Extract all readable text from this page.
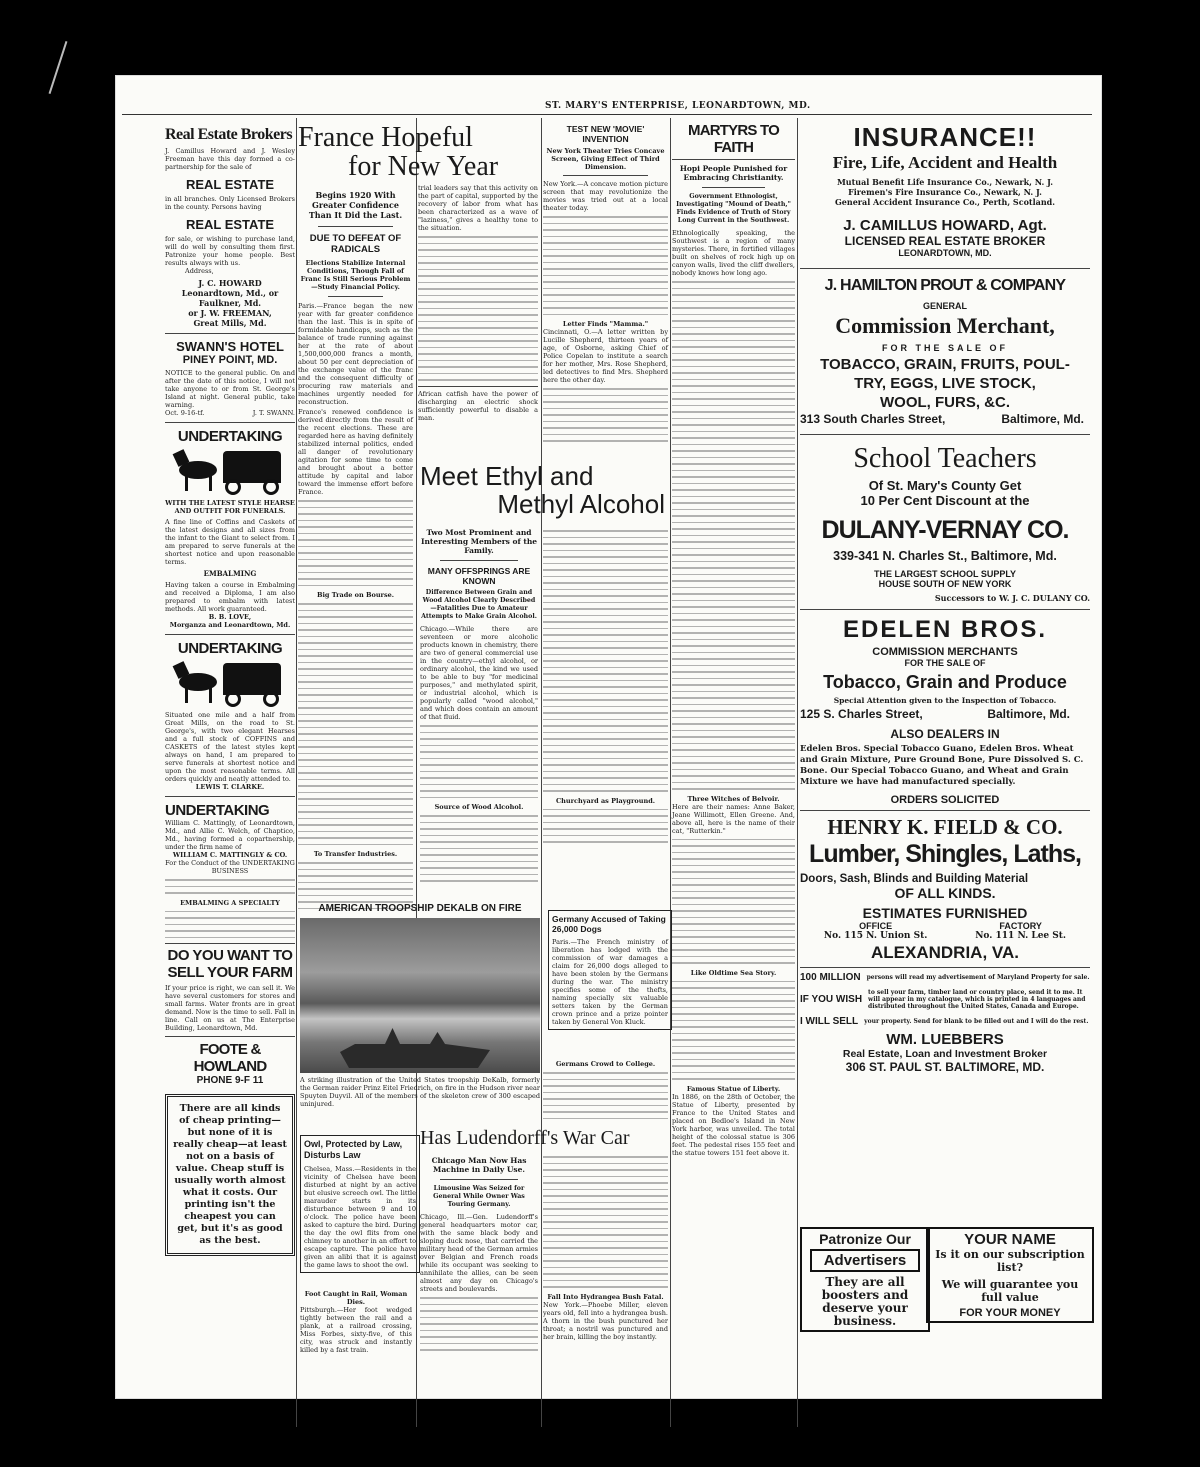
ST. MARY'S ENTERPRISE, LEONARDTOWN, MD.
Real Estate Brokers
J. Camillus Howard and J. Wesley Freeman have this day formed a co-partnership for the sale of
REAL ESTATE
in all branches. Only Licensed Brokers in the county. Persons having
REAL ESTATE
for sale, or wishing to purchase land, will do well by consulting them first. Patronize your home people. Best results always with us.
Address,
J. C. HOWARD
Leonardtown, Md., or Faulkner, Md.
or J. W. FREEMAN,
Great Mills, Md.
SWANN'S HOTEL
PINEY POINT, MD.
NOTICE to the general public. On and after the date of this notice, I will not take anyone to or from St. George's Island at night. General public, take warning.
Oct. 9-16-tf.	J. T. SWANN.
UNDERTAKING
WITH THE LATEST STYLE HEARSE AND OUTFIT FOR FUNERALS.
A fine line of Coffins and Caskets of the latest designs and all sizes from the infant to the Giant to select from. I am prepared to serve funerals at the shortest notice and upon reasonable terms.
EMBALMING
Having taken a course in Embalming and received a Diploma, I am also prepared to embalm with latest methods. All work guaranteed.
B. B. LOVE,
Morganza and Leonardtown, Md.
UNDERTAKING
Situated one mile and a half from Great Mills, on the road to St. George's, with two elegant Hearses and a full stock of COFFINS and CASKETS of the latest styles kept always on hand, I am prepared to serve funerals at shortest notice and upon the most reasonable terms. All orders quickly and neatly attended to.
LEWIS T. CLARKE.
UNDERTAKING
William C. Mattingly, of Leonardtown, Md., and Allie C. Welch, of Chaptico, Md., having formed a copartnership, under the firm name of
WILLIAM C. MATTINGLY & CO.
For the Conduct of the UNDERTAKING BUSINESS
EMBALMING A SPECIALTY
DO YOU WANT TO
SELL YOUR FARM
If your price is right, we can sell it. We have several customers for stores and small farms. Water fronts are in great demand. Now is the time to sell. Fall in line. Call on us at The Enterprise Building, Leonardtown, Md.
FOOTE & HOWLAND
PHONE 9-F 11
There are all kinds of cheap printing— but none of it is really cheap—at least not on a basis of value. Cheap stuff is usually worth almost what it costs. Our printing isn't the cheapest you can get, but it's as good as the best.
France Hopeful
for New Year
Begins 1920 With Greater Confidence Than It Did the Last.
DUE TO DEFEAT OF RADICALS
Elections Stabilize Internal Conditions, Though Fall of Franc Is Still Serious Problem—Study Financial Policy.
Paris.—France began the new year with far greater confidence than the last. This is in spite of formidable handicaps, such as the balance of trade running against her at the rate of about 1,500,000,000 francs a month, about 50 per cent depreciation of the exchange value of the franc and the consequent difficulty of procuring raw materials and machines urgently needed for reconstruction.
France's renewed confidence is derived directly from the result of the recent elections. These are regarded here as having definitely stabilized internal politics, ended all danger of revolutionary agitation for some time to come and brought about a better attitude by capital and labor toward the immense effort before France.
Big Trade on Bourse.
To Transfer Industries.
Owl, Protected by Law, Disturbs Law
Chelsea, Mass.—Residents in the vicinity of Chelsea have been disturbed at night by an active but elusive screech owl. The little marauder starts in its disturbance between 9 and 10 o'clock. The police have been asked to capture the bird. During the day the owl flits from one chimney to another in an effort to escape capture. The police have given an alibi that it is against the game laws to shoot the owl.
Foot Caught in Rail, Woman Dies.
Pittsburgh.—Her foot wedged tightly between the rail and a plank, at a railroad crossing, Miss Forbes, sixty-five, of this city, was struck and instantly killed by a fast train.
trial leaders say that this activity on the part of capital, supported by the recovery of labor from what has been characterized as a wave of "laziness," gives a healthy tone to the situation.
African catfish have the power of discharging an electric shock sufficiently powerful to disable a man.
Meet Ethyl and
Methyl Alcohol
Two Most Prominent and Interesting Members of the Family.
MANY OFFSPRINGS ARE KNOWN
Difference Between Grain and Wood Alcohol Clearly Described—Fatalities Due to Amateur Attempts to Make Grain Alcohol.
Chicago.—While there are seventeen or more alcoholic products known in chemistry, there are two of general commercial use in the country—ethyl alcohol, or ordinary alcohol, the kind we used to be able to buy "for medicinal purposes," and methylated spirit, or industrial alcohol, which is popularly called "wood alcohol," and which does contain an amount of that fluid.
Source of Wood Alcohol.
AMERICAN TROOPSHIP DEKALB ON FIRE
A striking illustration of the United States troopship DeKalb, formerly the German raider Prinz Eitel Friedrich, on fire in the Hudson river near Spuyten Duyvil. All of the members of the skeleton crew of 300 escaped uninjured.
TEST NEW 'MOVIE' INVENTION
New York Theater Tries Concave Screen, Giving Effect of Third Dimension.
New York.—A concave motion picture screen that may revolutionize the movies was tried out at a local theater today.
Letter Finds "Mamma."
Cincinnati, O.—A letter written by Lucille Shepherd, thirteen years of age, of Osborne, asking Chief of Police Copelan to institute a search for her mother, Mrs. Rose Shepherd, led detectives to find Mrs. Shepherd here the other day.
Churchyard as Playground.
Germany Accused of Taking 26,000 Dogs
Paris.—The French ministry of liberation has lodged with the commission of war damages a claim for 26,000 dogs alleged to have been stolen by the Germans during the war. The ministry specifies some of the thefts, naming specially six valuable setters taken by the German crown prince and a prize pointer taken by General Von Kluck.
Germans Crowd to College.
Has Ludendorff's War Car
Chicago Man Now Has Machine in Daily Use.
Limousine Was Seized for General While Owner Was Touring Germany.
Chicago, Ill.—Gen. Ludendorff's general headquarters motor car, with the same black body and sloping duck nose, that carried the military head of the German armies over Belgian and French roads while its occupant was seeking to annihilate the allies, can be seen almost any day on Chicago's streets and boulevards.
Fall Into Hydrangea Bush Fatal.
New York.—Phoebe Miller, eleven years old, fell into a hydrangea bush. A thorn in the bush punctured her throat; a nostril was punctured and her brain, killing the boy instantly.
MARTYRS TO FAITH
Hopi People Punished for Embracing Christianity.
Government Ethnologist, Investigating "Mound of Death," Finds Evidence of Truth of Story Long Current in the Southwest.
Ethnologically speaking, the Southwest is a region of many mysteries. There, in fortified villages built on shelves of rock high up on canyon walls, lived the cliff dwellers, nobody knows how long ago.
Three Witches of Belvoir.
Here are their names: Anne Baker, Jeane Willimott, Ellen Greene. And, above all, here is the name of their cat, "Rutterkin."
Like Oldtime Sea Story.
Famous Statue of Liberty.
In 1886, on the 28th of October, the Statue of Liberty, presented by France to the United States and placed on Bedloe's Island in New York harbor, was unveiled. The total height of the colossal statue is 306 feet. The pedestal rises 155 feet and the statue towers 151 feet above it.
INSURANCE!!
Fire, Life, Accident and Health
Mutual Benefit Life Insurance Co., Newark, N. J.
Firemen's Fire Insurance Co., Newark, N. J.
General Accident Insurance Co., Perth, Scotland.
J. CAMILLUS HOWARD, Agt.
LICENSED REAL ESTATE BROKER
LEONARDTOWN, MD.
J. HAMILTON PROUT & COMPANY
GENERAL
Commission Merchant,
FOR THE SALE OF
TOBACCO, GRAIN, FRUITS, POUL-
TRY, EGGS, LIVE STOCK,
WOOL, FURS, &C.
313 South Charles Street,	Baltimore, Md.
School Teachers
Of St. Mary's County Get
10 Per Cent Discount at the
DULANY-VERNAY CO.
339-341 N. Charles St., Baltimore, Md.
THE LARGEST SCHOOL SUPPLY
HOUSE SOUTH OF NEW YORK
Successors to W. J. C. DULANY CO.
EDELEN BROS.
COMMISSION MERCHANTS
FOR THE SALE OF
Tobacco, Grain and Produce
Special Attention given to the Inspection of Tobacco.
125 S. Charles Street,	Baltimore, Md.
ALSO DEALERS IN
Edelen Bros. Special Tobacco Guano, Edelen Bros. Wheat and Grain Mixture, Pure Ground Bone, Pure Dissolved S. C. Bone. Our Special Tobacco Guano, and Wheat and Grain Mixture we have had manufactured specially.
ORDERS SOLICITED
HENRY K. FIELD & CO.
Lumber, Shingles, Laths,
Doors, Sash, Blinds and Building Material
OF ALL KINDS.
ESTIMATES FURNISHED
OFFICE
No. 115 N. Union St.
FACTORY
No. 111 N. Lee St.
ALEXANDRIA, VA.
100 MILLION persons will read my advertisement of Maryland Property for sale.
IF YOU WISH
to sell your farm, timber land or country place, send it to me. It will appear in my catalogue, which is printed in 4 languages and distributed throughout the United States, Canada and Europe.
I WILL SELL your property. Send for blank to be filled out and I will do the rest.
WM. LUEBBERS
Real Estate, Loan and Investment Broker
306 ST. PAUL ST. BALTIMORE, MD.
Patronize Our
Advertisers
They are all boosters and deserve your business.
YOUR NAME
Is it on our subscription list?
We will guarantee you full value
FOR YOUR MONEY
